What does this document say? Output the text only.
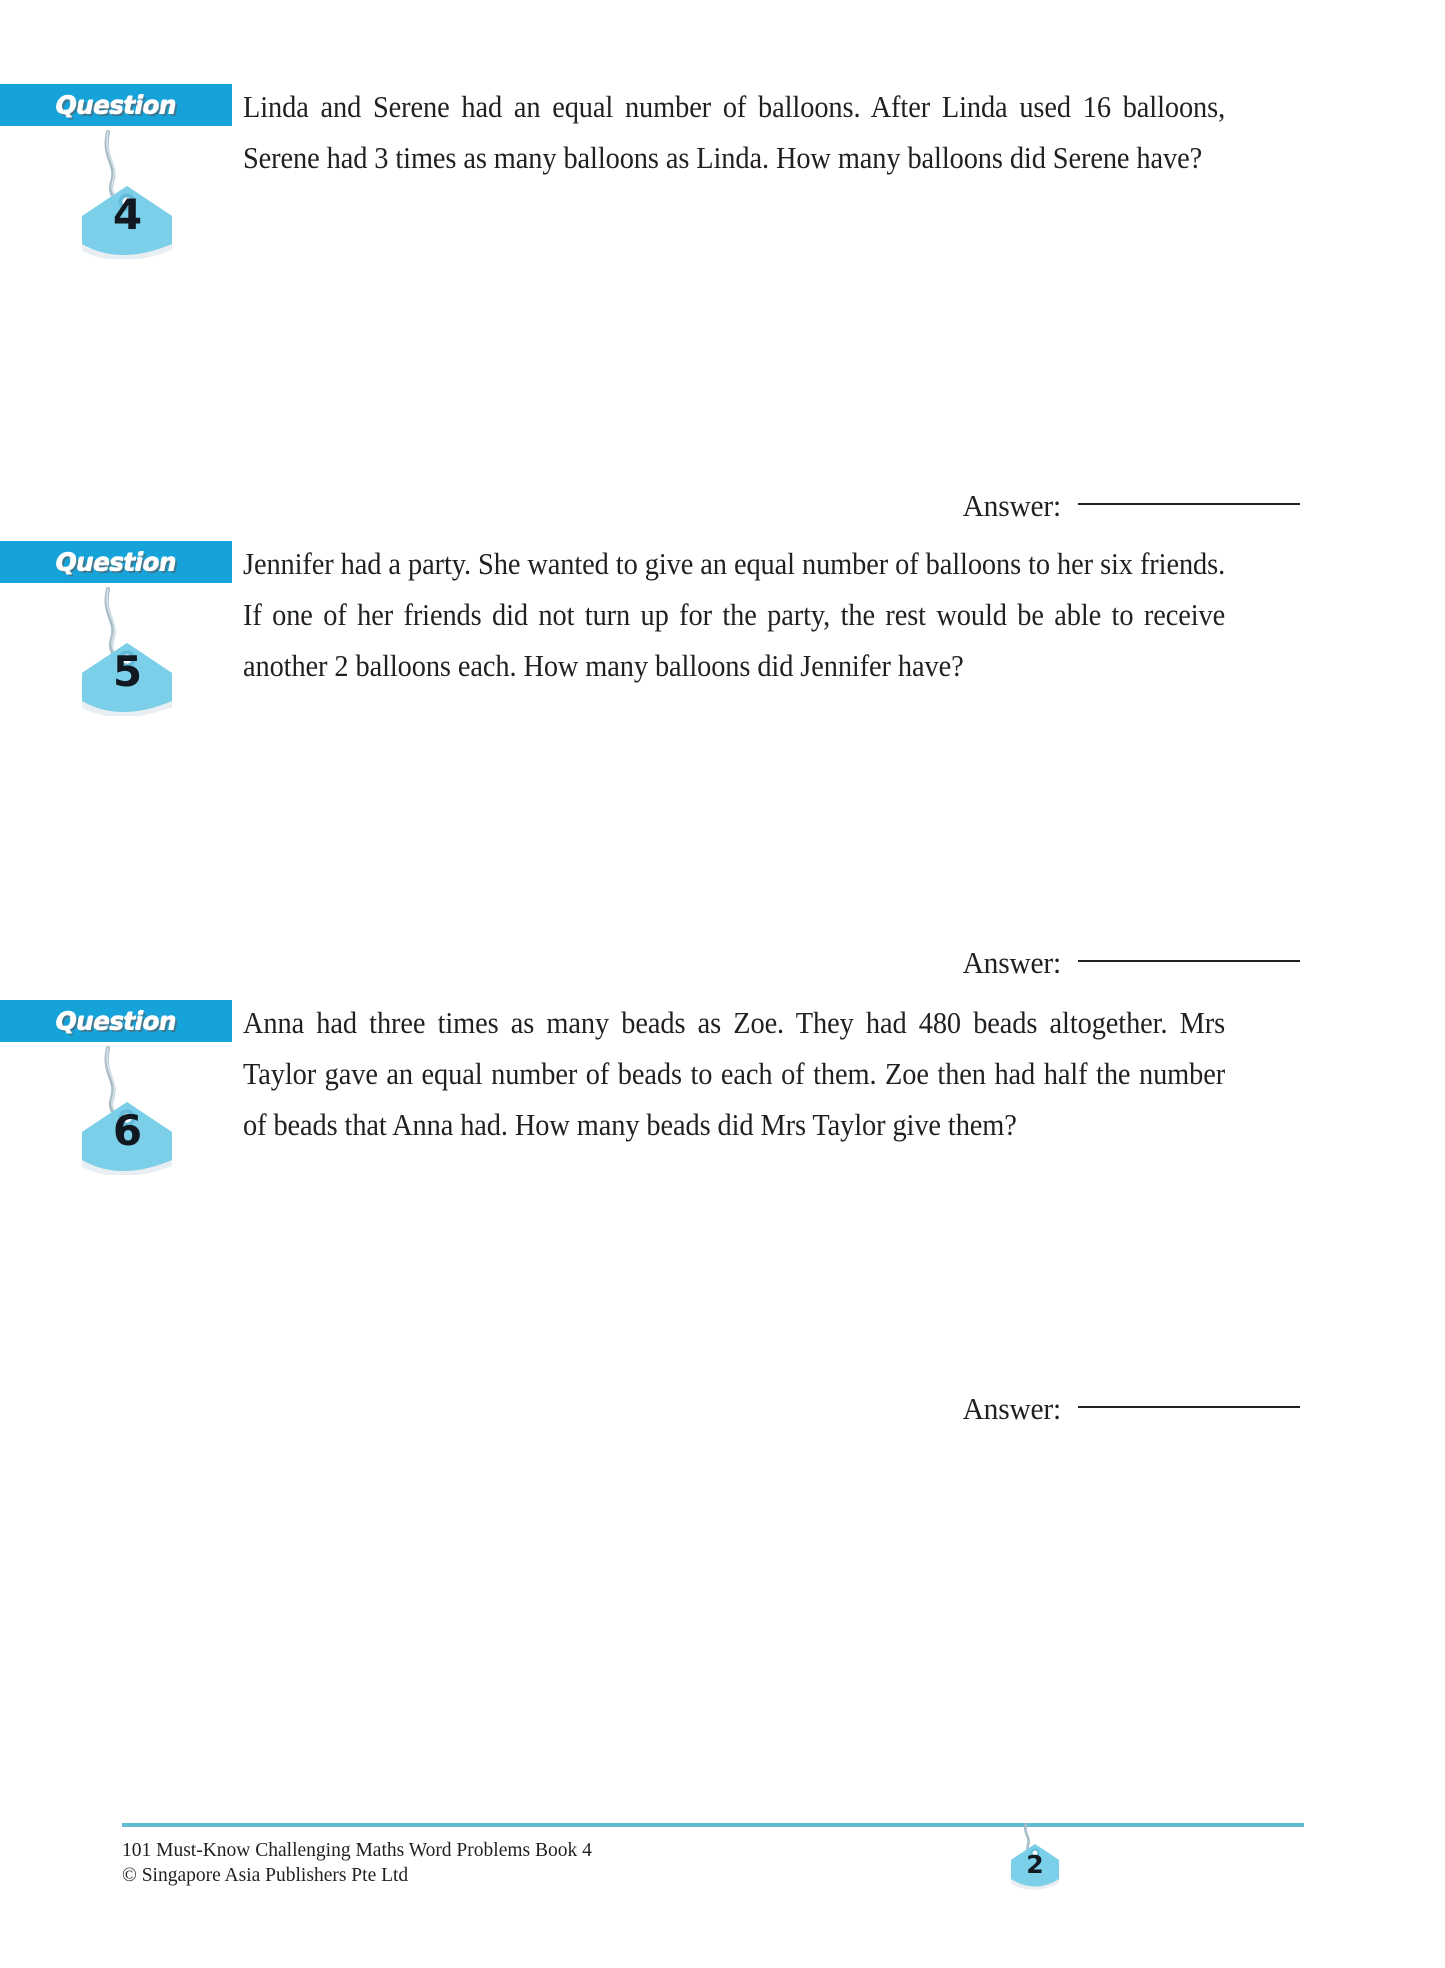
Question
4
Linda and Serene had an equal number of balloons. After Linda used 16 balloons, Serene had 3 times as many balloons as Linda. How many balloons did Serene have?
Answer:
Question
5
Jennifer had a party. She wanted to give an equal number of balloons to her six friends. If one of her friends did not turn up for the party, the rest would be able to receive another 2 balloons each. How many balloons did Jennifer have?
Answer:
Question
6
Anna had three times as many beads as Zoe. They had 480 beads altogether. Mrs Taylor gave an equal number of beads to each of them. Zoe then had half the number of beads that Anna had. How many beads did Mrs Taylor give them?
Answer:
101 Must-Know Challenging Maths Word Problems Book 4
© Singapore Asia Publishers Pte Ltd	2
